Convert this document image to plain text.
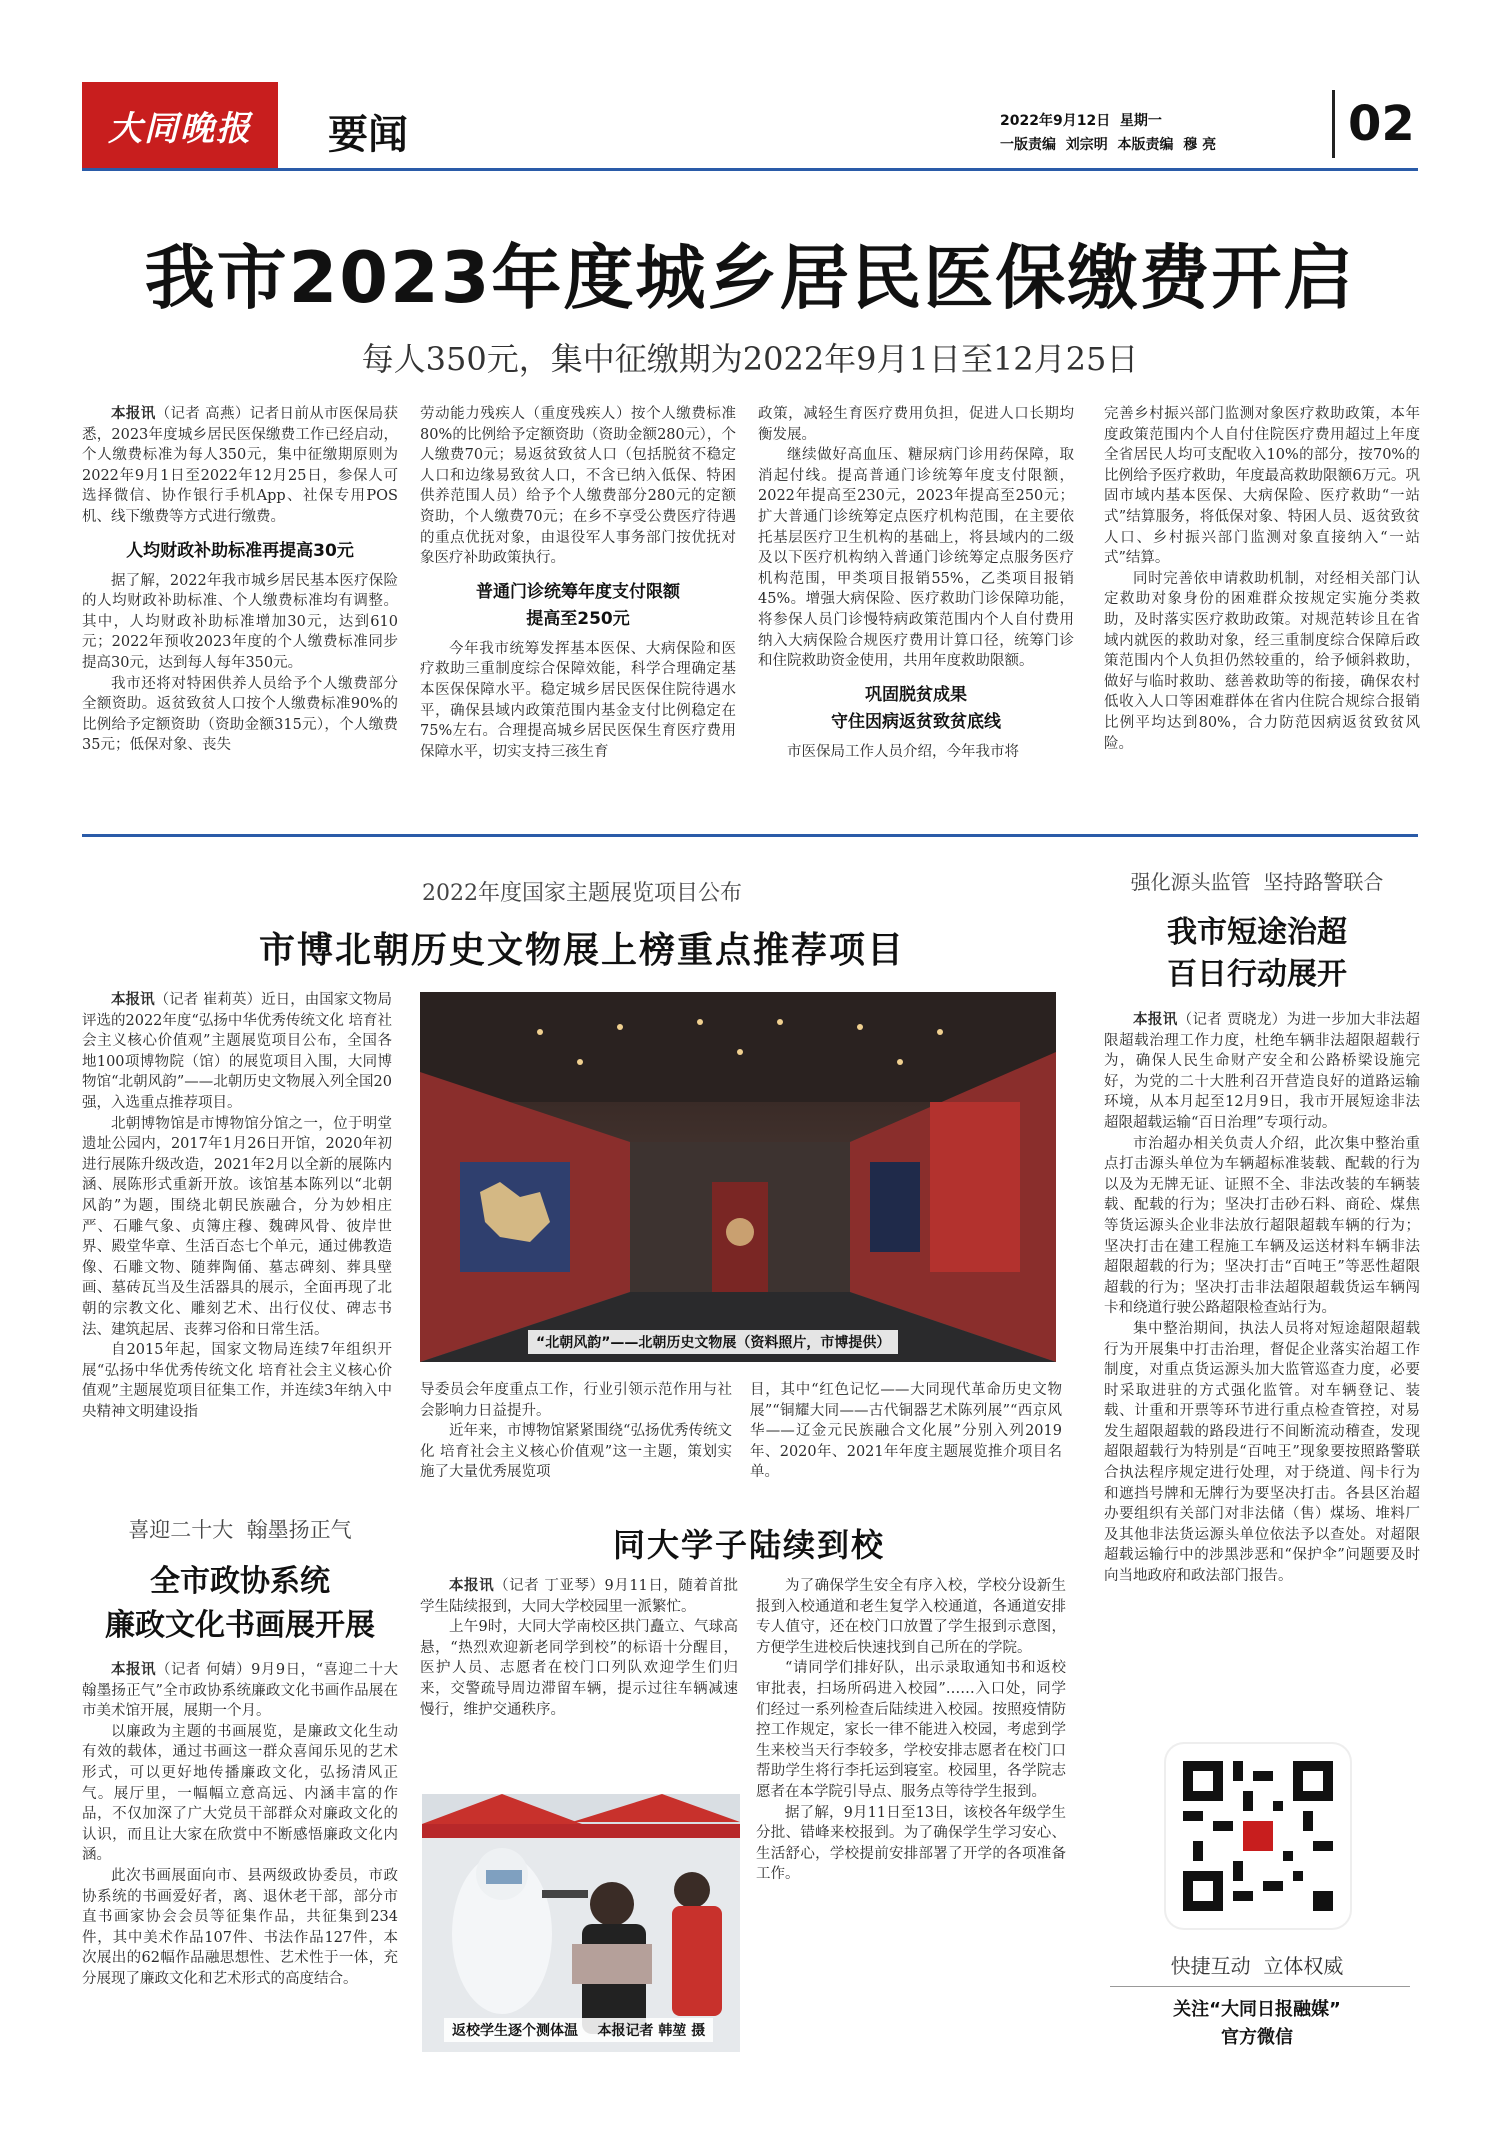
大同晚报 要闻	2022年9月12日  星期一
一版责编  刘宗明  本版责编  穆 亮	02
我市2023年度城乡居民医保缴费开启
每人350元，集中征缴期为2022年9月1日至12月25日

本报讯（记者 高燕）记者日前从市医保局获悉，2023年度城乡居民医保缴费工作已经启动，个人缴费标准为每人350元，集中征缴期原则为2022年9月1日至2022年12月25日，参保人可选择微信、协作银行手机App、社保专用POS机、线下缴费等方式进行缴费。

人均财政补助标准再提高30元

据了解，2022年我市城乡居民基本医疗保险的人均财政补助标准、个人缴费标准均有调整。其中，人均财政补助标准增加30元，达到610元；2022年预收2023年度的个人缴费标准同步提高30元，达到每人每年350元。

我市还将对特困供养人员给予个人缴费部分全额资助。返贫致贫人口按个人缴费标准90%的比例给予定额资助（资助金额315元），个人缴费35元；低保对象、丧失

劳动能力残疾人（重度残疾人）按个人缴费标准80%的比例给予定额资助（资助金额280元），个人缴费70元；易返贫致贫人口（包括脱贫不稳定人口和边缘易致贫人口，不含已纳入低保、特困供养范围人员）给予个人缴费部分280元的定额资助，个人缴费70元；在乡不享受公费医疗待遇的重点优抚对象，由退役军人事务部门按优抚对象医疗补助政策执行。

普通门诊统筹年度支付限额
提高至250元

今年我市统筹发挥基本医保、大病保险和医疗救助三重制度综合保障效能，科学合理确定基本医保保障水平。稳定城乡居民医保住院待遇水平，确保县域内政策范围内基金支付比例稳定在75%左右。合理提高城乡居民医保生育医疗费用保障水平，切实支持三孩生育

政策，减轻生育医疗费用负担，促进人口长期均衡发展。

继续做好高血压、糖尿病门诊用药保障，取消起付线。提高普通门诊统筹年度支付限额，2022年提高至230元，2023年提高至250元；扩大普通门诊统筹定点医疗机构范围，在主要依托基层医疗卫生机构的基础上，将县域内的二级及以下医疗机构纳入普通门诊统筹定点服务医疗机构范围，甲类项目报销55%，乙类项目报销45%。增强大病保险、医疗救助门诊保障功能，将参保人员门诊慢特病政策范围内个人自付费用纳入大病保险合规医疗费用计算口径，统筹门诊和住院救助资金使用，共用年度救助限额。

巩固脱贫成果
守住因病返贫致贫底线

市医保局工作人员介绍，今年我市将

完善乡村振兴部门监测对象医疗救助政策，本年度政策范围内个人自付住院医疗费用超过上年度全省居民人均可支配收入10%的部分，按70%的比例给予医疗救助，年度最高救助限额6万元。巩固市域内基本医保、大病保险、医疗救助“一站式”结算服务，将低保对象、特困人员、返贫致贫人口、乡村振兴部门监测对象直接纳入“一站式”结算。

同时完善依申请救助机制，对经相关部门认定救助对象身份的困难群众按规定实施分类救助，及时落实医疗救助政策。对规范转诊且在省域内就医的救助对象，经三重制度综合保障后政策范围内个人负担仍然较重的，给予倾斜救助，做好与临时救助、慈善救助等的衔接，确保农村低收入人口等困难群体在省内住院合规综合报销比例平均达到80%，合力防范因病返贫致贫风险。

2022年度国家主题展览项目公布
市博北朝历史文物展上榜重点推荐项目

本报讯（记者 崔莉英）近日，由国家文物局评选的2022年度“弘扬中华优秀传统文化 培育社会主义核心价值观”主题展览项目公布，全国各地100项博物院（馆）的展览项目入围，大同博物馆“北朝风韵”——北朝历史文物展入列全国20强，入选重点推荐项目。

北朝博物馆是市博物馆分馆之一，位于明堂遗址公园内，2017年1月26日开馆，2020年初进行展陈升级改造，2021年2月以全新的展陈内涵、展陈形式重新开放。该馆基本陈列以“北朝风韵”为题，围绕北朝民族融合，分为妙相庄严、石雕气象、贞簿庄穆、魏碑风骨、彼岸世界、殿堂华章、生活百态七个单元，通过佛教造像、石雕文物、随葬陶俑、墓志碑刻、葬具壁画、墓砖瓦当及生活器具的展示，全面再现了北朝的宗教文化、雕刻艺术、出行仪仗、碑志书法、建筑起居、丧葬习俗和日常生活。

自2015年起，国家文物局连续7年组织开展“弘扬中华优秀传统文化 培育社会主义核心价值观”主题展览项目征集工作，并连续3年纳入中央精神文明建设指

“北朝风韵”——北朝历史文物展（资料照片，市博提供）

导委员会年度重点工作，行业引领示范作用与社会影响力日益提升。

近年来，市博物馆紧紧围绕“弘扬优秀传统文化 培育社会主义核心价值观”这一主题，策划实施了大量优秀展览项

目，其中“红色记忆——大同现代革命历史文物展”“铜耀大同——古代铜器艺术陈列展”“西京风华——辽金元民族融合文化展”分别入列2019年、2020年、2021年年度主题展览推介项目名单。

强化源头监管  坚持路警联合
我市短途治超
百日行动展开

本报讯（记者 贾晓龙）为进一步加大非法超限超载治理工作力度，杜绝车辆非法超限超载行为，确保人民生命财产安全和公路桥梁设施完好，为党的二十大胜利召开营造良好的道路运输环境，从本月起至12月9日，我市开展短途非法超限超载运输“百日治理”专项行动。

市治超办相关负责人介绍，此次集中整治重点打击源头单位为车辆超标准装载、配载的行为以及为无牌无证、证照不全、非法改装的车辆装载、配载的行为；坚决打击砂石料、商砼、煤焦等货运源头企业非法放行超限超载车辆的行为；坚决打击在建工程施工车辆及运送材料车辆非法超限超载的行为；坚决打击“百吨王”等恶性超限超载的行为；坚决打击非法超限超载货运车辆闯卡和绕道行驶公路超限检查站行为。

集中整治期间，执法人员将对短途超限超载行为开展集中打击治理，督促企业落实治超工作制度，对重点货运源头加大监管巡查力度，必要时采取进驻的方式强化监管。对车辆登记、装载、计重和开票等环节进行重点检查管控，对易发生超限超载的路段进行不间断流动稽查，发现超限超载行为特别是“百吨王”现象要按照路警联合执法程序规定进行处理，对于绕道、闯卡行为和遮挡号牌和无牌行为要坚决打击。各县区治超办要组织有关部门对非法储（售）煤场、堆料厂及其他非法货运源头单位依法予以查处。对超限超载运输行中的涉黑涉恶和“保护伞”问题要及时向当地政府和政法部门报告。

快捷互动  立体权威
关注“大同日报融媒”
官方微信
喜迎二十大  翰墨扬正气
全市政协系统
廉政文化书画展开展

本报讯（记者 何婧）9月9日，“喜迎二十大 翰墨扬正气”全市政协系统廉政文化书画作品展在市美术馆开展，展期一个月。

以廉政为主题的书画展览，是廉政文化生动有效的载体，通过书画这一群众喜闻乐见的艺术形式，可以更好地传播廉政文化，弘扬清风正气。展厅里，一幅幅立意高远、内涵丰富的作品，不仅加深了广大党员干部群众对廉政文化的认识，而且让大家在欣赏中不断感悟廉政文化内涵。

此次书画展面向市、县两级政协委员，市政协系统的书画爱好者，离、退休老干部，部分市直书画家协会会员等征集作品，共征集到234件，其中美术作品107件、书法作品127件，本次展出的62幅作品融思想性、艺术性于一体，充分展现了廉政文化和艺术形式的高度结合。

同大学子陆续到校

本报讯（记者 丁亚琴）9月11日，随着首批学生陆续报到，大同大学校园里一派繁忙。

上午9时，大同大学南校区拱门矗立、气球高悬，“热烈欢迎新老同学到校”的标语十分醒目，医护人员、志愿者在校门口列队欢迎学生们归来，交警疏导周边滞留车辆，提示过往车辆减速慢行，维护交通秩序。

返校学生逐个测体温    本报记者 韩堃 摄

为了确保学生安全有序入校，学校分设新生报到入校通道和老生复学入校通道，各通道安排专人值守，还在校门口放置了学生报到示意图，方便学生进校后快速找到自己所在的学院。

“请同学们排好队，出示录取通知书和返校审批表，扫场所码进入校园”……入口处，同学们经过一系列检查后陆续进入校园。按照疫情防控工作规定，家长一律不能进入校园，考虑到学生来校当天行李较多，学校安排志愿者在校门口帮助学生将行李托运到寝室。校园里，各学院志愿者在本学院引导点、服务点等待学生报到。

据了解，9月11日至13日，该校各年级学生分批、错峰来校报到。为了确保学生学习安心、生活舒心，学校提前安排部署了开学的各项准备工作。
